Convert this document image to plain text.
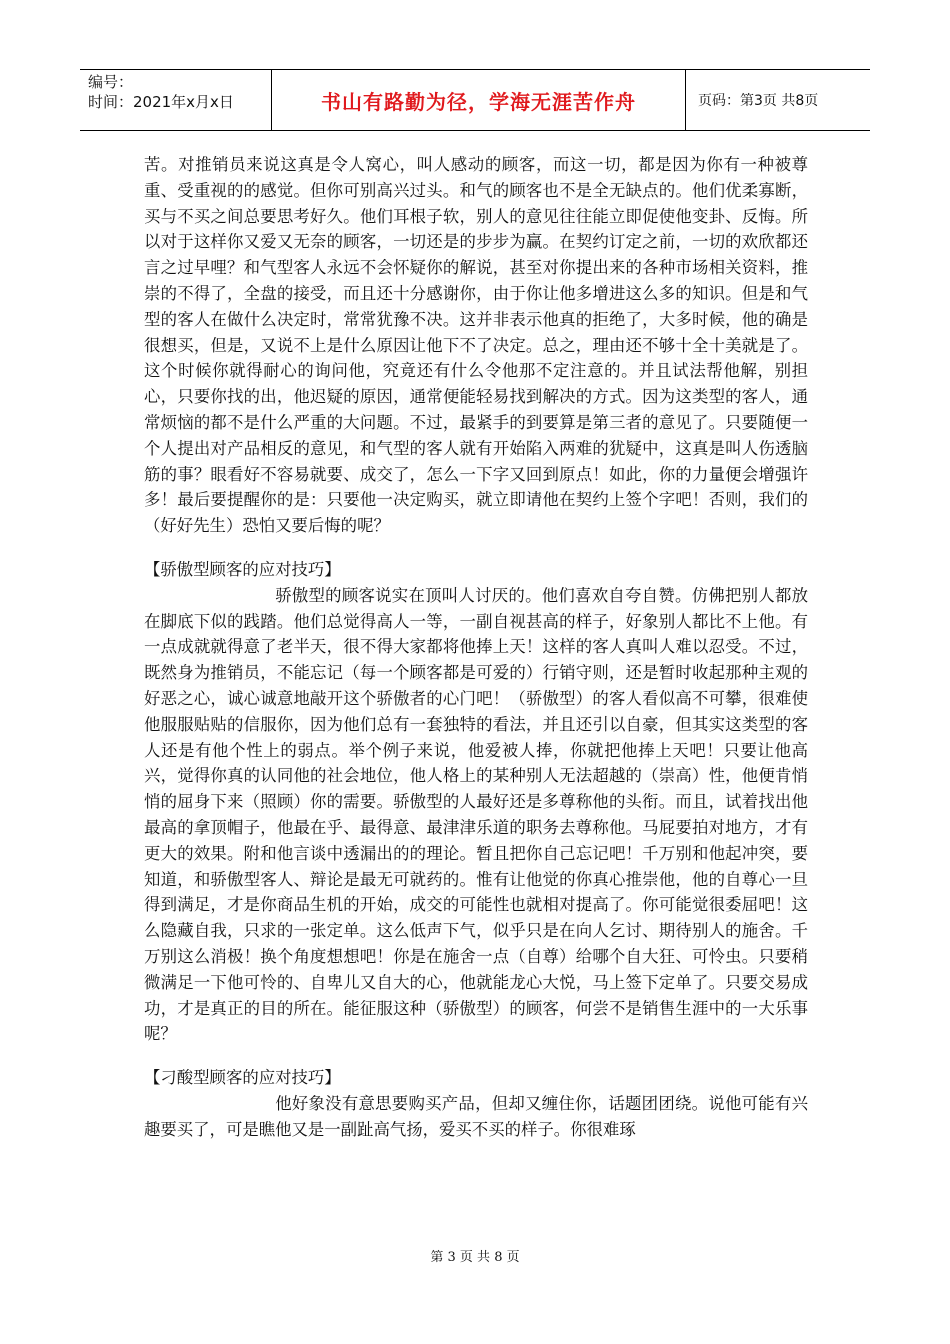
编号：
时间：2021年x月x日	书山有路勤为径，学海无涯苦作舟	页码：第3页 共8页

苦。对推销员来说这真是令人窝心，叫人感动的顾客，而这一切，都是因为你有一种被尊重、受重视的的感觉。但你可别高兴过头。和气的顾客也不是全无缺点的。他们优柔寡断，买与不买之间总要思考好久。他们耳根子软，别人的意见往往能立即促使他变卦、反悔。所以对于这样你又爱又无奈的顾客，一切还是的步步为赢。在契约订定之前，一切的欢欣都还言之过早哩？和气型客人永远不会怀疑你的解说，甚至对你提出来的各种市场相关资料，推崇的不得了，全盘的接受，而且还十分感谢你，由于你让他多增进这么多的知识。但是和气型的客人在做什么决定时，常常犹豫不决。这并非表示他真的拒绝了，大多时候，他的确是很想买，但是，又说不上是什么原因让他下不了决定。总之，理由还不够十全十美就是了。这个时候你就得耐心的询问他，究竟还有什么令他那不定注意的。并且试法帮他解，别担心，只要你找的出，他迟疑的原因，通常便能轻易找到解决的方式。因为这类型的客人，通常烦恼的都不是什么严重的大问题。不过，最紧手的到要算是第三者的意见了。只要随便一个人提出对产品相反的意见，和气型的客人就有开始陷入两难的犹疑中，这真是叫人伤透脑筋的事？眼看好不容易就要、成交了，怎么一下字又回到原点！如此，你的力量便会增强许多！最后要提醒你的是：只要他一决定购买，就立即请他在契约上签个字吧！否则，我们的（好好先生）恐怕又要后悔的呢？

【骄傲型顾客的应对技巧】

骄傲型的顾客说实在顶叫人讨厌的。他们喜欢自夸自赞。仿佛把别人都放在脚底下似的践踏。他们总觉得高人一等，一副自视甚高的样子，好象别人都比不上他。有一点成就就得意了老半天，很不得大家都将他捧上天！这样的客人真叫人难以忍受。不过，既然身为推销员，不能忘记（每一个顾客都是可爱的）行销守则，还是暂时收起那种主观的好恶之心，诚心诚意地敲开这个骄傲者的心门吧！（骄傲型）的客人看似高不可攀，很难使他服服贴贴的信服你，因为他们总有一套独特的看法，并且还引以自豪，但其实这类型的客人还是有他个性上的弱点。举个例子来说，他爱被人捧，你就把他捧上天吧！只要让他高兴，觉得你真的认同他的社会地位，他人格上的某种别人无法超越的（崇高）性，他便肯悄悄的屈身下来（照顾）你的需要。骄傲型的人最好还是多尊称他的头衔。而且，试着找出他最高的拿顶帽子，他最在乎、最得意、最津津乐道的职务去尊称他。马屁要拍对地方，才有更大的效果。附和他言谈中透漏出的的理论。暂且把你自己忘记吧！千万别和他起冲突，要知道，和骄傲型客人、辩论是最无可就药的。惟有让他觉的你真心推崇他，他的自尊心一旦得到满足，才是你商品生机的开始，成交的可能性也就相对提高了。你可能觉很委屈吧！这么隐藏自我，只求的一张定单。这么低声下气，似乎只是在向人乞讨、期待别人的施舍。千万别这么消极！换个角度想想吧！你是在施舍一点（自尊）给哪个自大狂、可怜虫。只要稍微满足一下他可怜的、自卑儿又自大的心，他就能龙心大悦，马上签下定单了。只要交易成功，才是真正的目的所在。能征服这种（骄傲型）的顾客，何尝不是销售生涯中的一大乐事呢？

【刁酸型顾客的应对技巧】

他好象没有意思要购买产品，但却又缠住你，话题团团绕。说他可能有兴趣要买了，可是瞧他又是一副趾高气扬，爱买不买的样子。你很难琢

第 3 页 共 8 页
